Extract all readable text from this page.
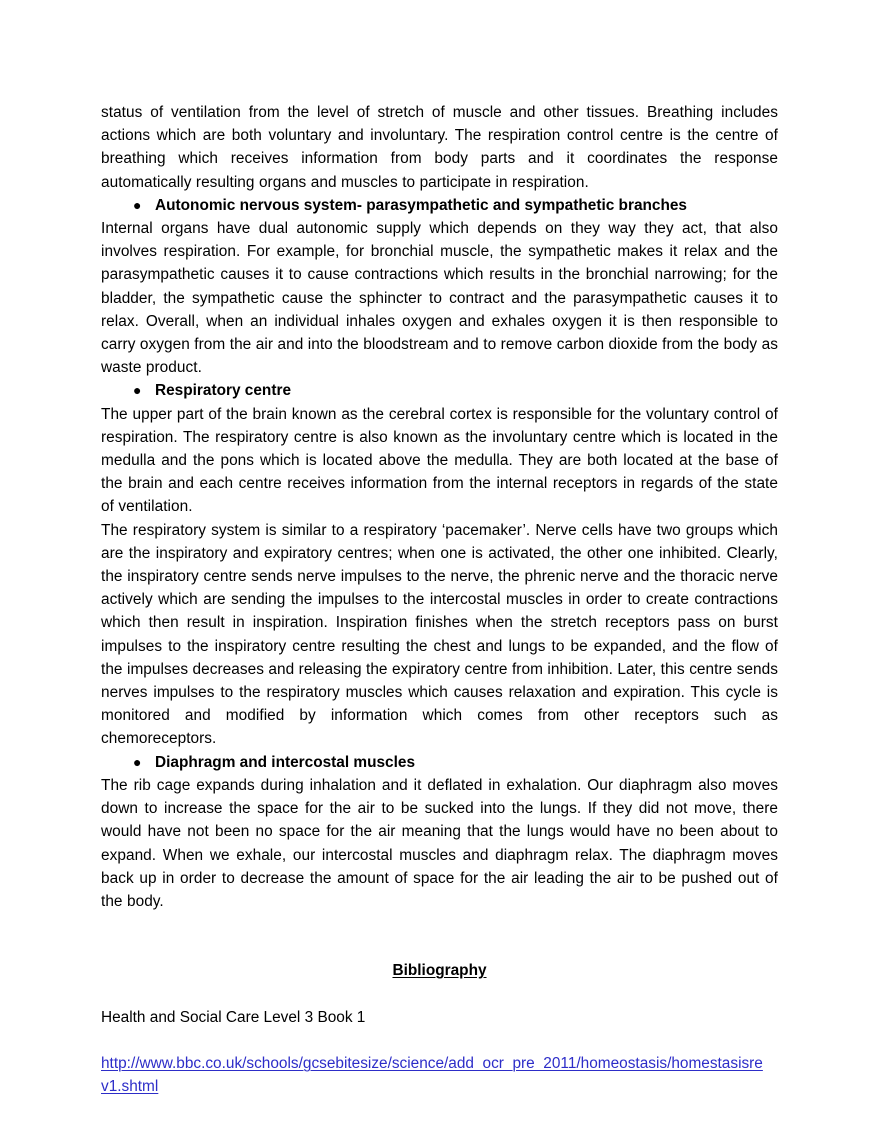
status of ventilation from the level of stretch of muscle and other tissues. Breathing includes actions which are both voluntary and involuntary. The respiration control centre is the centre of breathing which receives information from body parts and it coordinates the response automatically resulting organs and muscles to participate in respiration.

● Autonomic nervous system- parasympathetic and sympathetic branches

Internal organs have dual autonomic supply which depends on they way they act, that also involves respiration. For example, for bronchial muscle, the sympathetic makes it relax and the parasympathetic causes it to cause contractions which results in the bronchial narrowing; for the bladder, the sympathetic cause the sphincter to contract and the parasympathetic causes it to relax. Overall, when an individual inhales oxygen and exhales oxygen it is then responsible to carry oxygen from the air and into the bloodstream and to remove carbon dioxide from the body as waste product.

● Respiratory centre

The upper part of the brain known as the cerebral cortex is responsible for the voluntary control of respiration. The respiratory centre is also known as the involuntary centre which is located in the medulla and the pons which is located above the medulla. They are both located at the base of the brain and each centre receives information from the internal receptors in regards of the state of ventilation.

The respiratory system is similar to a respiratory ‘pacemaker’. Nerve cells have two groups which are the inspiratory and expiratory centres; when one is activated, the other one inhibited. Clearly, the inspiratory centre sends nerve impulses to the nerve, the phrenic nerve and the thoracic nerve actively which are sending the impulses to the intercostal muscles in order to create contractions which then result in inspiration. Inspiration finishes when the stretch receptors pass on burst impulses to the inspiratory centre resulting the chest and lungs to be expanded, and the flow of the impulses decreases and releasing the expiratory centre from inhibition. Later, this centre sends nerves impulses to the respiratory muscles which causes relaxation and expiration. This cycle is monitored and modified by information which comes from other receptors such as chemoreceptors.

● Diaphragm and intercostal muscles

The rib cage expands during inhalation and it deflated in exhalation. Our diaphragm also moves down to increase the space for the air to be sucked into the lungs. If they did not move, there would have not been no space for the air meaning that the lungs would have no been about to expand. When we exhale, our intercostal muscles and diaphragm relax. The diaphragm moves back up in order to decrease the amount of space for the air leading the air to be pushed out of the body.

Bibliography

Health and Social Care Level 3 Book 1

http://www.bbc.co.uk/schools/gcsebitesize/science/add_ocr_pre_2011/homeostasis/homestasisrev1.shtml
